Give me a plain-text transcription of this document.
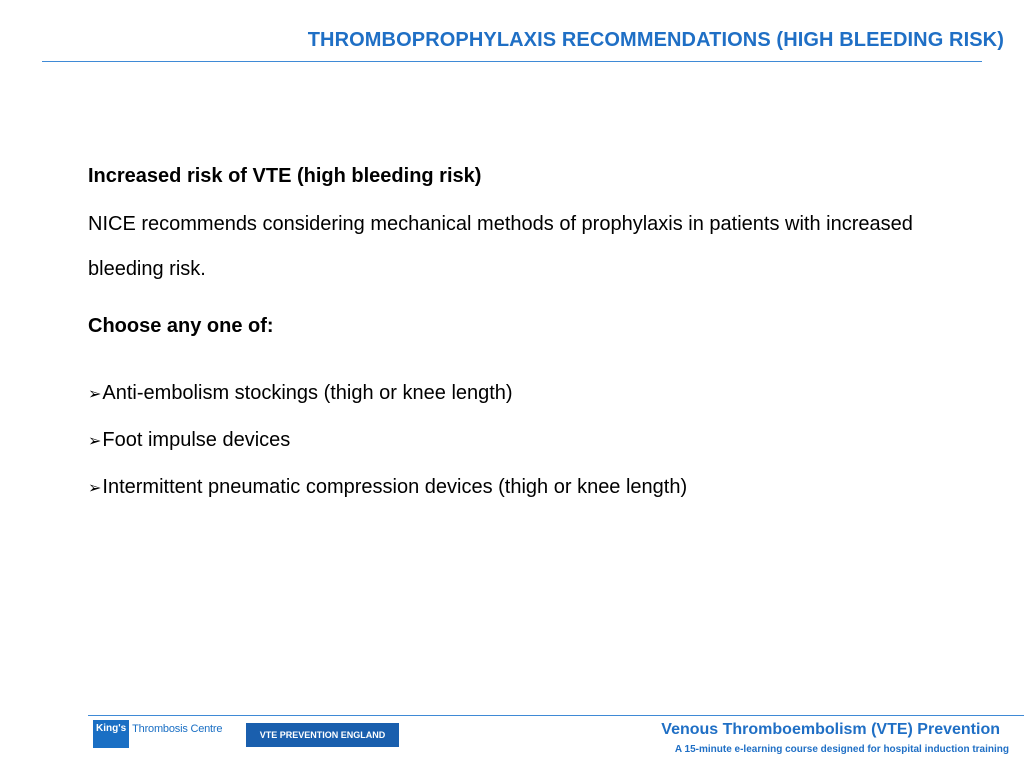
THROMBOPROPHYLAXIS RECOMMENDATIONS (HIGH BLEEDING RISK)

Increased risk of VTE (high bleeding risk)

NICE recommends considering mechanical methods of prophylaxis in patients with increased bleeding risk.

Choose any one of:

➢ Anti-embolism stockings (thigh or knee length)
➢ Foot impulse devices
➢ Intermittent pneumatic compression devices (thigh or knee length)
King's Thrombosis Centre	VTE PREVENTION ENGLAND	Venous Thromboembolism (VTE) Prevention
A 15-minute e-learning course designed for hospital induction training
